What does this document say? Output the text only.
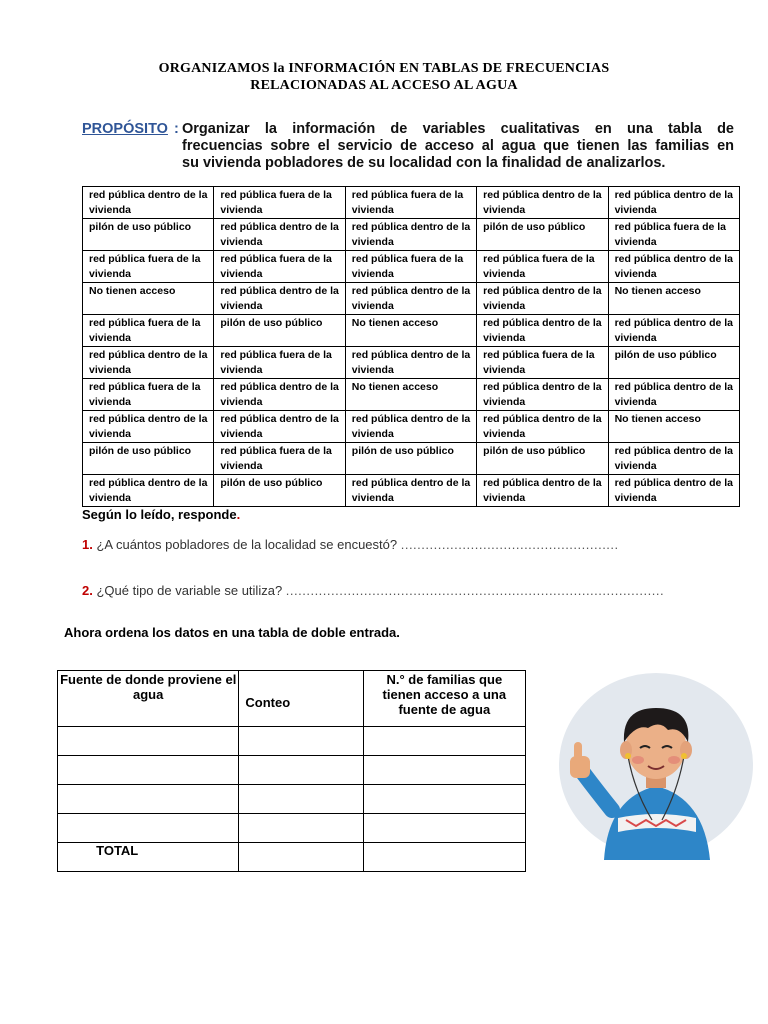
ORGANIZAMOS la INFORMACIÓN EN TABLAS DE FRECUENCIAS
RELACIONADAS AL ACCESO AL AGUA
PROPÓSITO : Organizar la información de variables cualitativas en una tabla de
frecuencias sobre el servicio de acceso al agua que tienen las familias en
su vivienda pobladores de su localidad con la finalidad de analizarlos.
red pública dentro de la vivienda	red pública fuera de la vivienda	red pública fuera de la vivienda	red pública dentro de la vivienda	red pública dentro de la vivienda
pilón de uso público	red pública dentro de la vivienda	red pública dentro de la vivienda	pilón de uso público	red pública fuera de la vivienda
red pública fuera de la vivienda	red pública fuera de la vivienda	red pública fuera de la vivienda	red pública fuera de la vivienda	red pública dentro de la vivienda
No tienen acceso	red pública dentro de la vivienda	red pública dentro de la vivienda	red pública dentro de la vivienda	No tienen acceso
red pública fuera de la vivienda	pilón de uso público	No tienen acceso	red pública dentro de la vivienda	red pública dentro de la vivienda
red pública dentro de la vivienda	red pública fuera de la vivienda	red pública dentro de la vivienda	red pública fuera de la vivienda	pilón de uso público
red pública fuera de la vivienda	red pública dentro de la vivienda	No tienen acceso	red pública dentro de la vivienda	red pública dentro de la vivienda
red pública dentro de la vivienda	red pública dentro de la vivienda	red pública dentro de la vivienda	red pública dentro de la vivienda	No tienen acceso
pilón de uso público	red pública fuera de la vivienda	pilón de uso público	pilón de uso público	red pública dentro de la vivienda
red pública dentro de la vivienda	pilón de uso público	red pública dentro de la vivienda	red pública dentro de la vivienda	red pública dentro de la vivienda
Según lo leído, responde.
1. ¿A cuántos pobladores de la localidad se encuestó? .....................................................
2. ¿Qué tipo de variable se utiliza? ............................................................................................
Ahora ordena los datos en una tabla de doble entrada.
Fuente de donde proviene el agua	Conteo	N.° de familias que tienen acceso a una fuente de agua

TOTAL		
